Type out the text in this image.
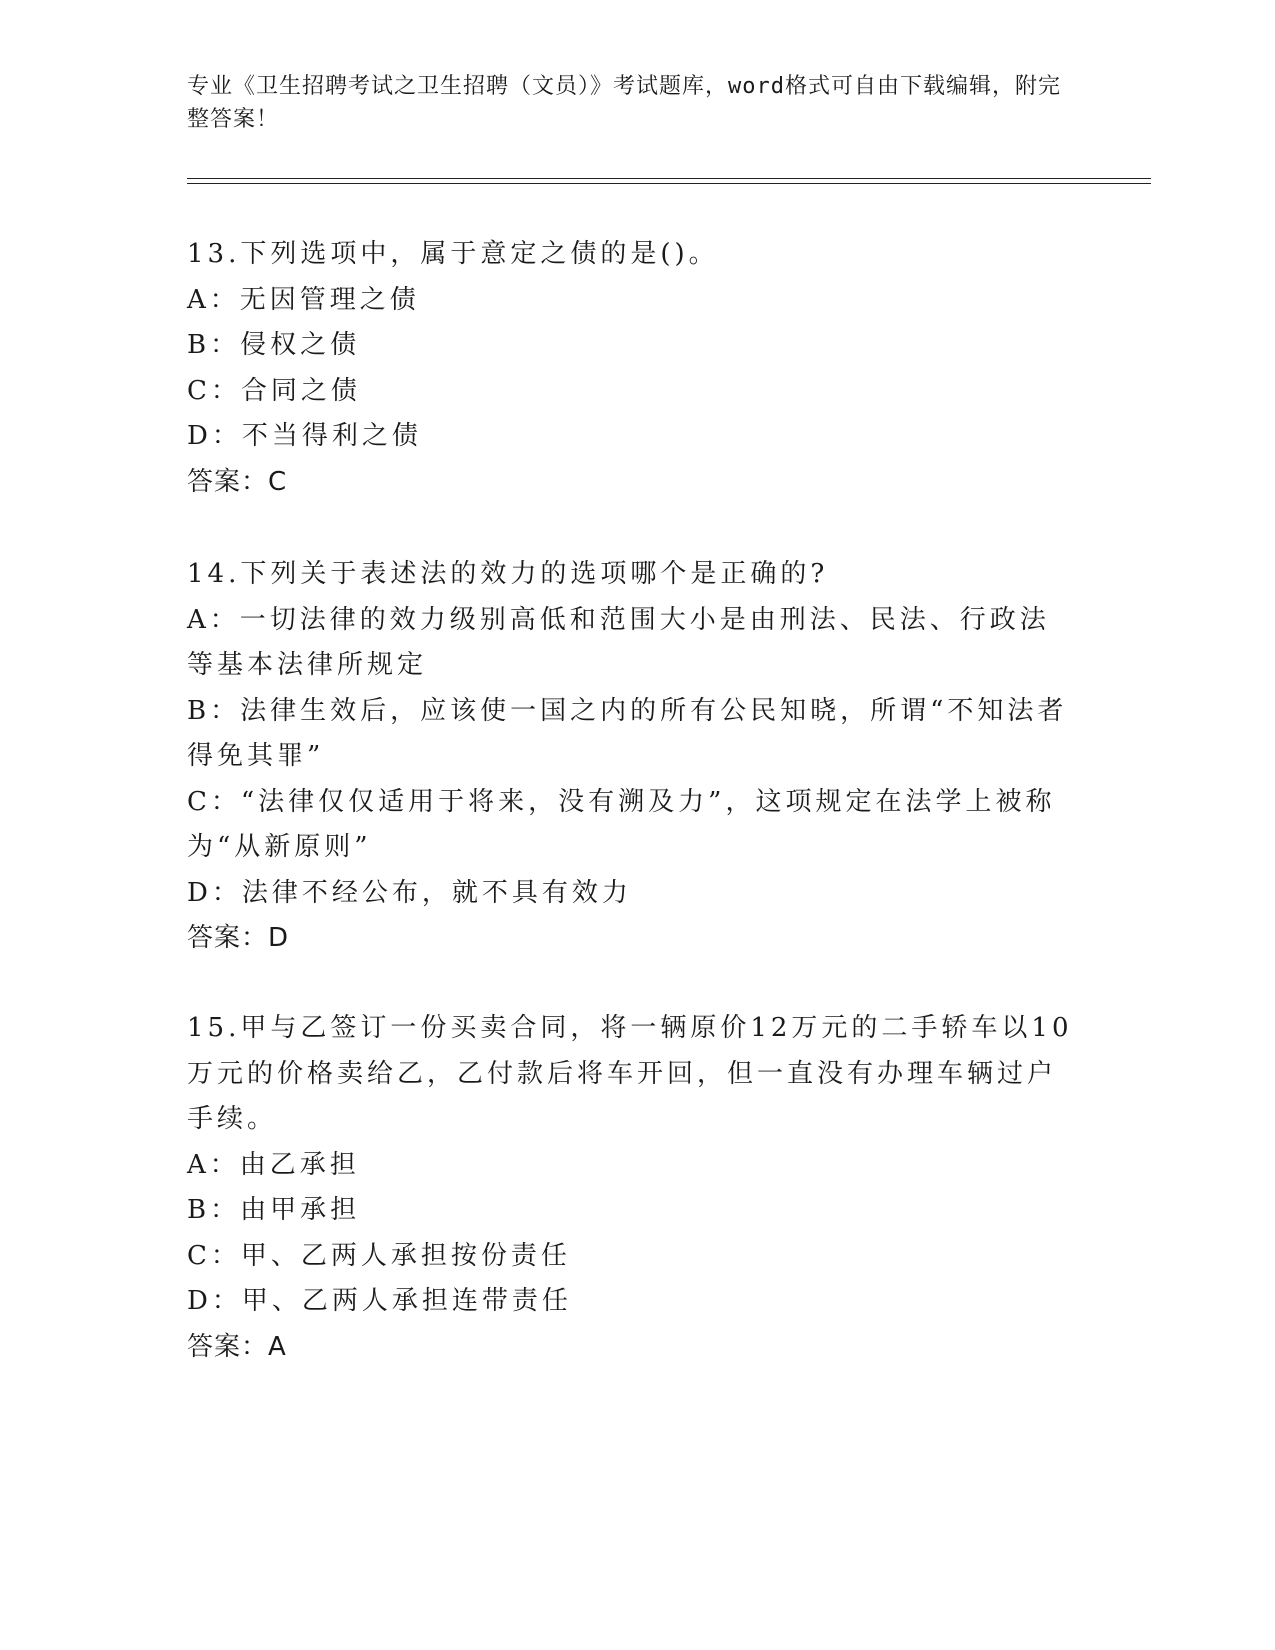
专业《卫生招聘考试之卫生招聘（文员）》考试题库，word格式可自由下载编辑，附完整答案！
13.下列选项中，属于意定之债的是()。
A：无因管理之债
B：侵权之债
C：合同之债
D：不当得利之债
答案：C
14.下列关于表述法的效力的选项哪个是正确的?
A：一切法律的效力级别高低和范围大小是由刑法、民法、行政法等基本法律所规定
B：法律生效后，应该使一国之内的所有公民知晓，所谓“不知法者得免其罪”
C：“法律仅仅适用于将来，没有溯及力”，这项规定在法学上被称为“从新原则”
D：法律不经公布，就不具有效力
答案：D
15.甲与乙签订一份买卖合同，将一辆原价12万元的二手轿车以10万元的价格卖给乙，乙付款后将车开回，但一直没有办理车辆过户手续。
A：由乙承担
B：由甲承担
C：甲、乙两人承担按份责任
D：甲、乙两人承担连带责任
答案：A
